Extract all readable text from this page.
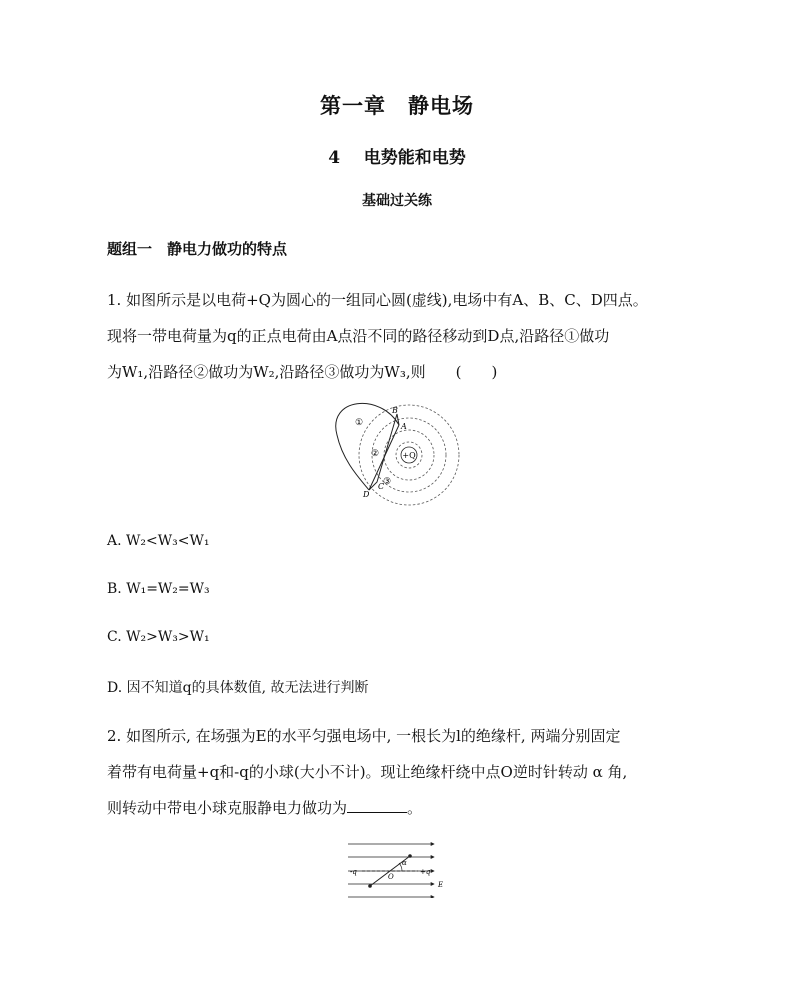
第一章　静电场
4 电势能和电势
基础过关练
题组一　静电力做功的特点
1. 如图所示是以电荷+Q为圆心的一组同心圆(虚线),电场中有A、B、C、D四点。
现将一带电荷量为q的正点电荷由A点沿不同的路径移动到D点,沿路径①做功
为W₁,沿路径②做功为W₂,沿路径③做功为W₃,则　　(　　)
+Q
A
B
C
D
①
②
③
A. W₂<W₃<W₁
B. W₁=W₂=W₃
C. W₂>W₃>W₁
D. 因不知道q的具体数值, 故无法进行判断
2. 如图所示, 在场强为E的水平匀强电场中, 一根长为l的绝缘杆, 两端分别固定
着带有电荷量+q和-q的小球(大小不计)。现让绝缘杆绕中点O逆时针转动 α 角,
则转动中带电小球克服静电力做功为	。
-q	+q
O
α
E
